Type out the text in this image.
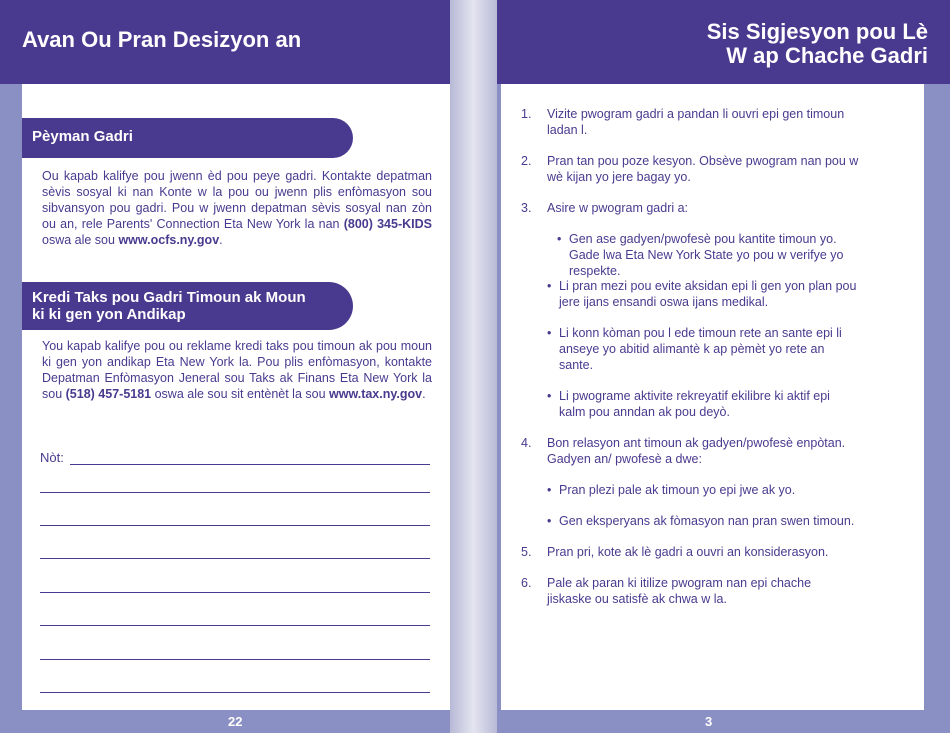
Avan Ou Pran Desizyon an
Pèyman Gadri
Ou kapab kalifye pou jwenn èd pou peye gadri. Kontakte depatman sèvis sosyal ki nan Konte w la pou ou jwenn plis enfòmasyon sou sibvansyon pou gadri. Pou w jwenn depatman sèvis sosyal nan zòn ou an, rele Parents' Connection Eta New York la nan (800) 345-KIDS oswa ale sou www.ocfs.ny.gov.
Kredi Taks pou Gadri Timoun ak Moun
ki ki gen yon Andikap
You kapab kalifye pou ou reklame kredi taks pou timoun ak pou moun ki gen yon andikap Eta New York la. Pou plis enfòmasyon, kontakte Depatman Enfòmasyon Jeneral sou Taks ak Finans Eta New York la sou (518) 457-5181 oswa ale sou sit entènèt la sou www.tax.ny.gov.
Nòt:
22
Sis Sigjesyon pou Lè
W ap Chache Gadri
1. Vizite pwogram gadri a pandan li ouvri epi gen timoun ladan l.
2. Pran tan pou poze kesyon. Obsève pwogram nan pou w wè kijan yo jere bagay yo.
3. Asire w pwogram gadri a:
• Gen ase gadyen/pwofesè pou kantite timoun yo. Gade lwa Eta New York State yo pou w verifye yo respekte.
• Li pran mezi pou evite aksidan epi li gen yon plan pou jere ijans ensandi oswa ijans medikal.
• Li konn kòman pou l ede timoun rete an sante epi li anseye yo abitid alimantè k ap pèmèt yo rete an sante.
• Li pwograme aktivite rekreyatif ekilibre ki aktif epi kalm pou anndan ak pou deyò.
4. Bon relasyon ant timoun ak gadyen/pwofesè enpòtan. Gadyen an/ pwofesè a dwe:
• Pran plezi pale ak timoun yo epi jwe ak yo.
• Gen eksperyans ak fòmasyon nan pran swen timoun.
5. Pran pri, kote ak lè gadri a ouvri an konsiderasyon.
6. Pale ak paran ki itilize pwogram nan epi chache jiskaske ou satisfè ak chwa w la.
3
